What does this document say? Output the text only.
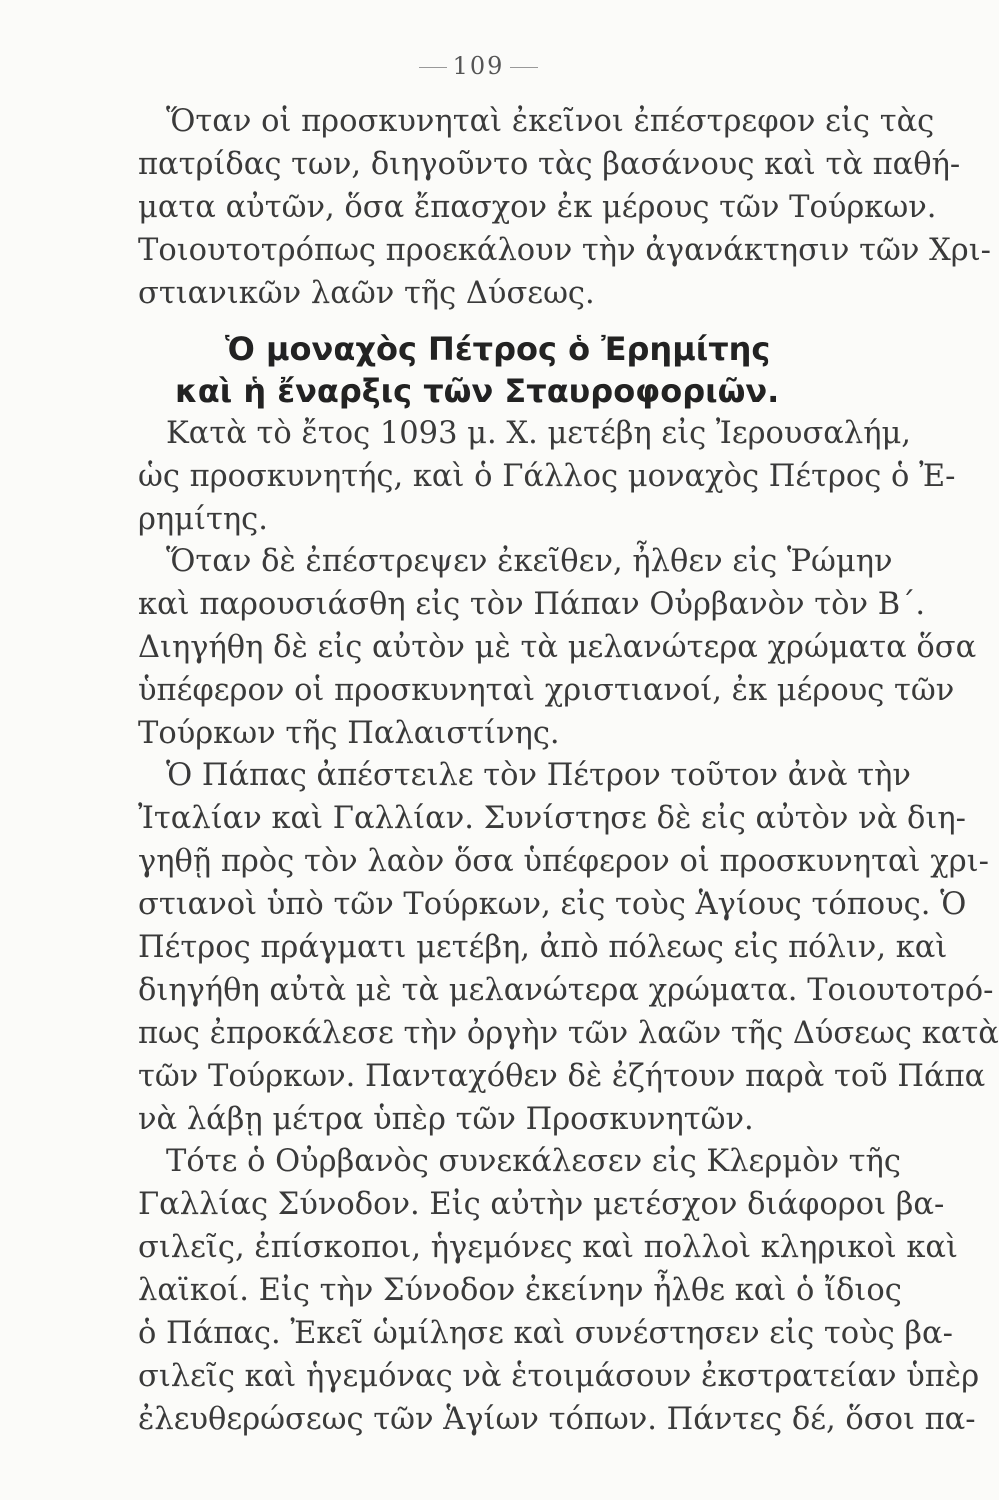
109
Ὅταν οἱ προσκυνηταὶ ἐκεῖνοι ἐπέστρεφον εἰς τὰς
πατρίδας των, διηγοῦντο τὰς βασάνους καὶ τὰ παθή-
ματα αὐτῶν, ὅσα ἔπασχον ἐκ μέρους τῶν Τούρκων.
Τοιουτοτρόπως προεκάλουν τὴν ἀγανάκτησιν τῶν Χρι-
στιανικῶν λαῶν τῆς Δύσεως.
Ὁ μοναχὸς Πέτρος ὁ Ἐρημίτης
καὶ ἡ ἔναρξις τῶν Σταυροφοριῶν.
Κατὰ τὸ ἔτος 1093 μ. Χ. μετέβη εἰς Ἰερουσαλήμ,
ὡς προσκυνητής, καὶ ὁ Γάλλος μοναχὸς Πέτρος ὁ Ἐ-
ρημίτης.
Ὅταν δὲ ἐπέστρεψεν ἐκεῖθεν, ἦλθεν εἰς Ῥώμην
καὶ παρουσιάσθη εἰς τὸν Πάπαν Οὐρβανὸν τὸν Β΄.
Διηγήθη δὲ εἰς αὐτὸν μὲ τὰ μελανώτερα χρώματα ὅσα
ὑπέφερον οἱ προσκυνηταὶ χριστιανοί, ἐκ μέρους τῶν
Τούρκων τῆς Παλαιστίνης.
Ὁ Πάπας ἀπέστειλε τὸν Πέτρον τοῦτον ἀνὰ τὴν
Ἰταλίαν καὶ Γαλλίαν. Συνίστησε δὲ εἰς αὐτὸν νὰ διη-
γηθῇ πρὸς τὸν λαὸν ὅσα ὑπέφερον οἱ προσκυνηταὶ χρι-
στιανοὶ ὑπὸ τῶν Τούρκων, εἰς τοὺς Ἁγίους τόπους. Ὁ
Πέτρος πράγματι μετέβη, ἀπὸ πόλεως εἰς πόλιν, καὶ
διηγήθη αὐτὰ μὲ τὰ μελανώτερα χρώματα. Τοιουτοτρό-
πως ἐπροκάλεσε τὴν ὀργὴν τῶν λαῶν τῆς Δύσεως κατὰ
τῶν Τούρκων. Πανταχόθεν δὲ ἐζήτουν παρὰ τοῦ Πάπα
νὰ λάβῃ μέτρα ὑπὲρ τῶν Προσκυνητῶν.
Τότε ὁ Οὐρβανὸς συνεκάλεσεν εἰς Κλερμὸν τῆς
Γαλλίας Σύνοδον. Εἰς αὐτὴν μετέσχον διάφοροι βα-
σιλεῖς, ἐπίσκοποι, ἡγεμόνες καὶ πολλοὶ κληρικοὶ καὶ
λαϊκοί. Εἰς τὴν Σύνοδον ἐκείνην ἦλθε καὶ ὁ ἴδιος
ὁ Πάπας. Ἐκεῖ ὡμίλησε καὶ συνέστησεν εἰς τοὺς βα-
σιλεῖς καὶ ἡγεμόνας νὰ ἑτοιμάσουν ἐκστρατείαν ὑπὲρ
ἐλευθερώσεως τῶν Ἁγίων τόπων. Πάντες δέ, ὅσοι πα-
